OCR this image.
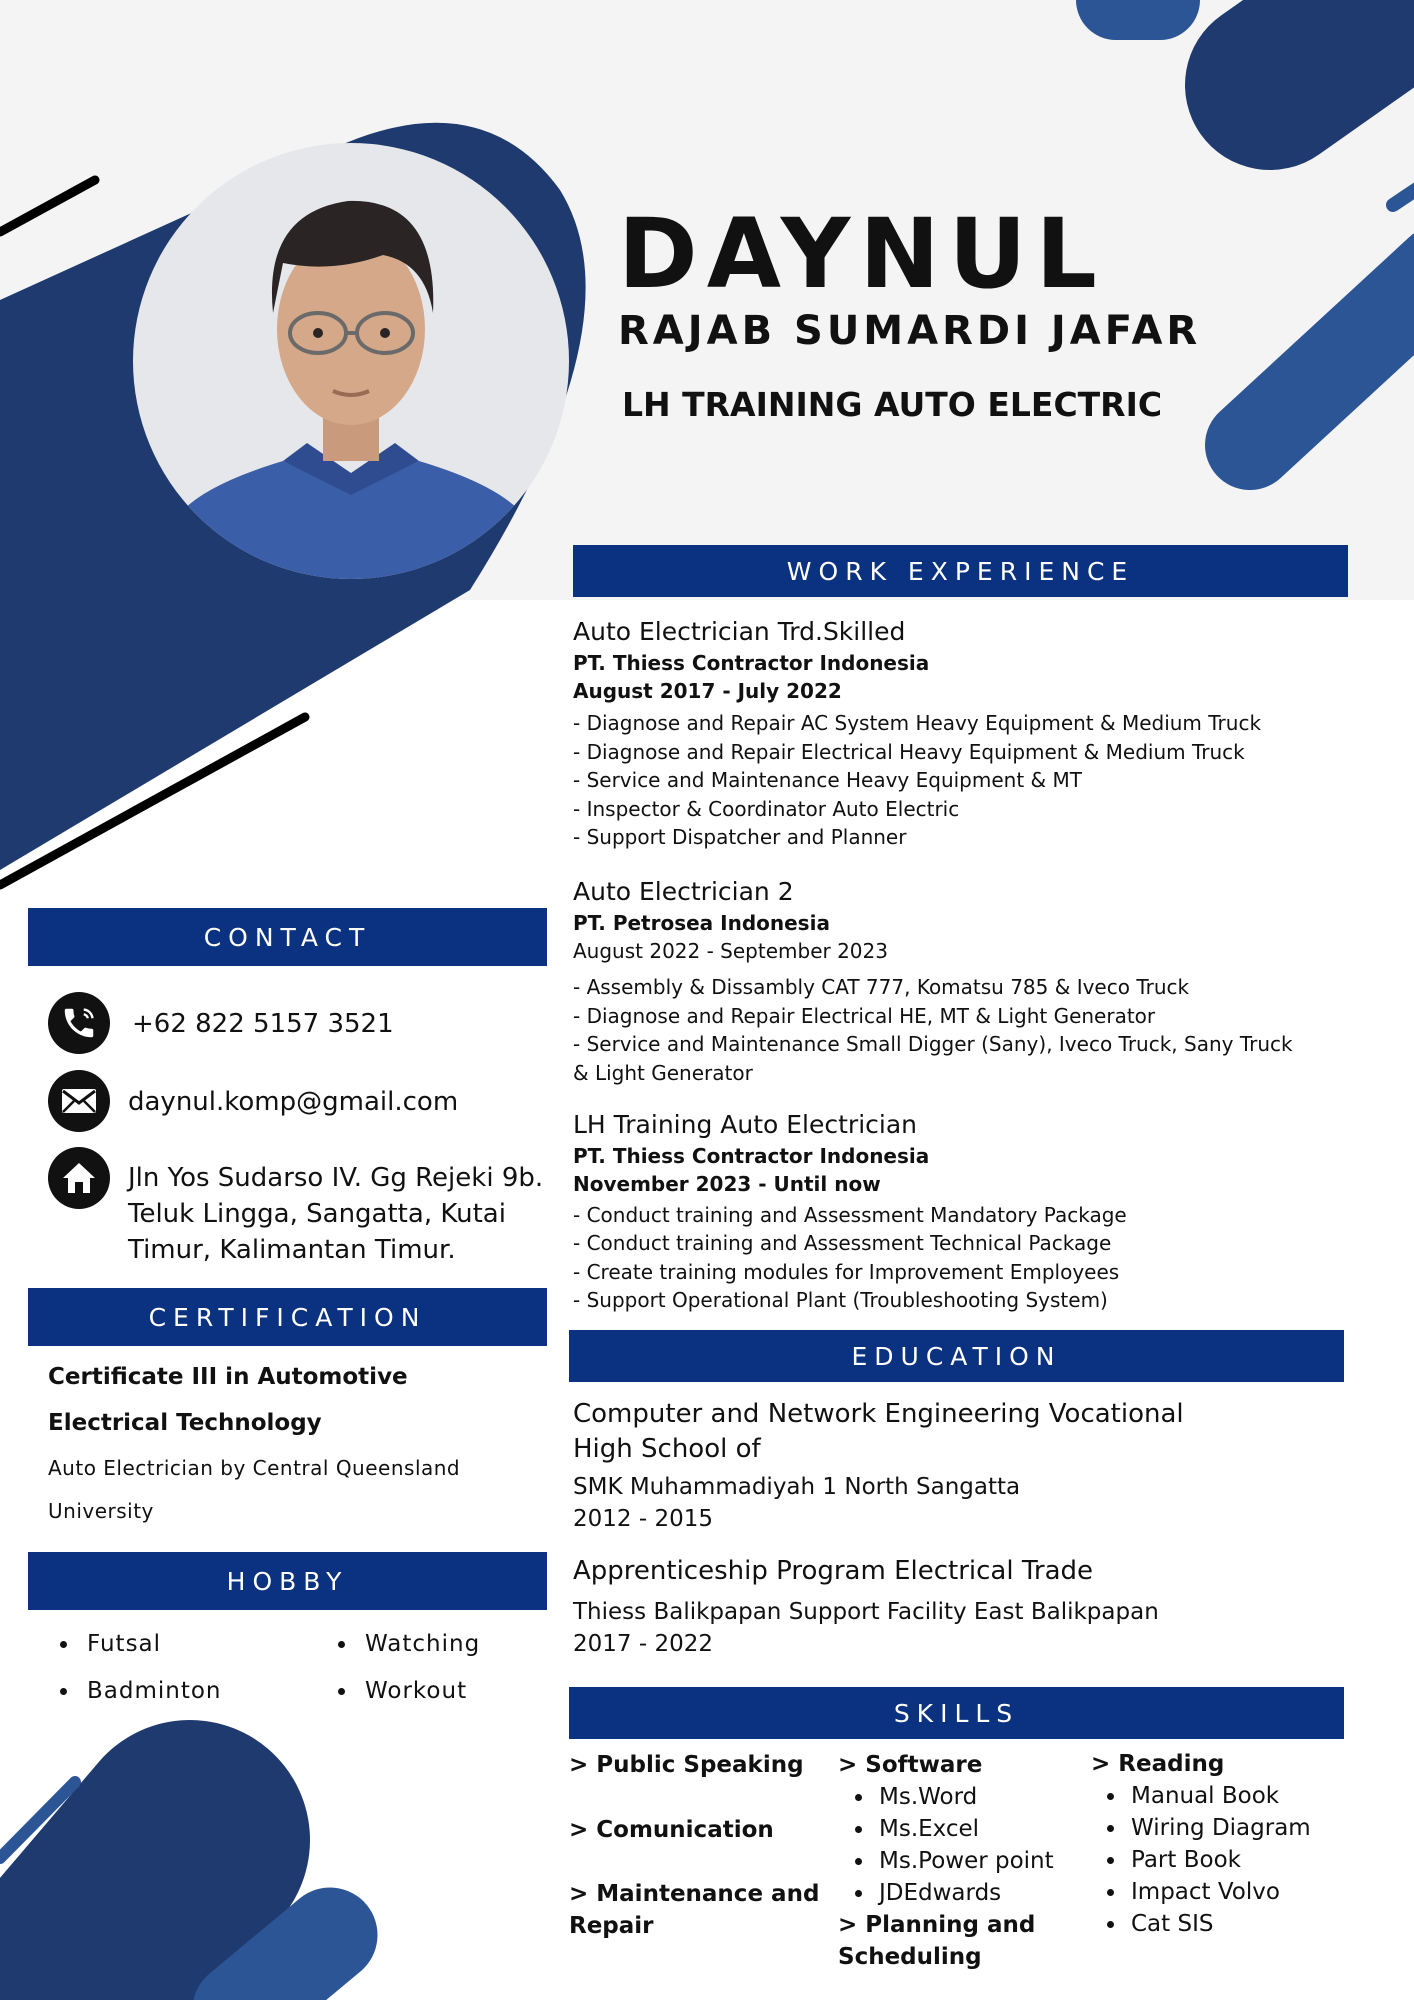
DAYNUL
RAJAB SUMARDI JAFAR
LH TRAINING AUTO ELECTRIC
CONTACT
+62 822 5157 3521
daynul.komp@gmail.com
Jln Yos Sudarso IV. Gg Rejeki 9b.
Teluk Lingga, Sangatta, Kutai
Timur, Kalimantan Timur.
CERTIFICATION
Certificate III in Automotive
Electrical Technology
Auto Electrician by Central Queensland
University
HOBBY
Futsal	Watching
Badminton	Workout
WORK EXPERIENCE
Auto Electrician Trd.Skilled
PT. Thiess Contractor Indonesia
August 2017 - July 2022
- Diagnose and Repair AC System Heavy Equipment & Medium Truck
- Diagnose and Repair Electrical Heavy Equipment & Medium Truck
- Service and Maintenance Heavy Equipment & MT
- Inspector & Coordinator Auto Electric
- Support Dispatcher and Planner
Auto Electrician 2
PT. Petrosea Indonesia
August 2022 - September 2023
- Assembly & Dissambly CAT 777, Komatsu 785 & Iveco Truck
- Diagnose and Repair Electrical HE, MT & Light Generator
- Service and Maintenance Small Digger (Sany), Iveco Truck, Sany Truck
& Light Generator
LH Training Auto Electrician
PT. Thiess Contractor Indonesia
November 2023 - Until now
- Conduct training and Assessment Mandatory Package
- Conduct training and Assessment Technical Package
- Create training modules for Improvement Employees
- Support Operational Plant (Troubleshooting System)
EDUCATION
Computer and Network Engineering Vocational
High School of
SMK Muhammadiyah 1 North Sangatta
2012 - 2015
Apprenticeship Program Electrical Trade
Thiess Balikpapan Support Facility East Balikpapan
2017 - 2022
SKILLS
> Public Speaking
> Comunication
> Maintenance and
Repair
> Software
Ms.Word
Ms.Excel
Ms.Power point
JDEdwards
> Planning and
Scheduling
> Reading
Manual Book
Wiring Diagram
Part Book
Impact Volvo
Cat SIS
